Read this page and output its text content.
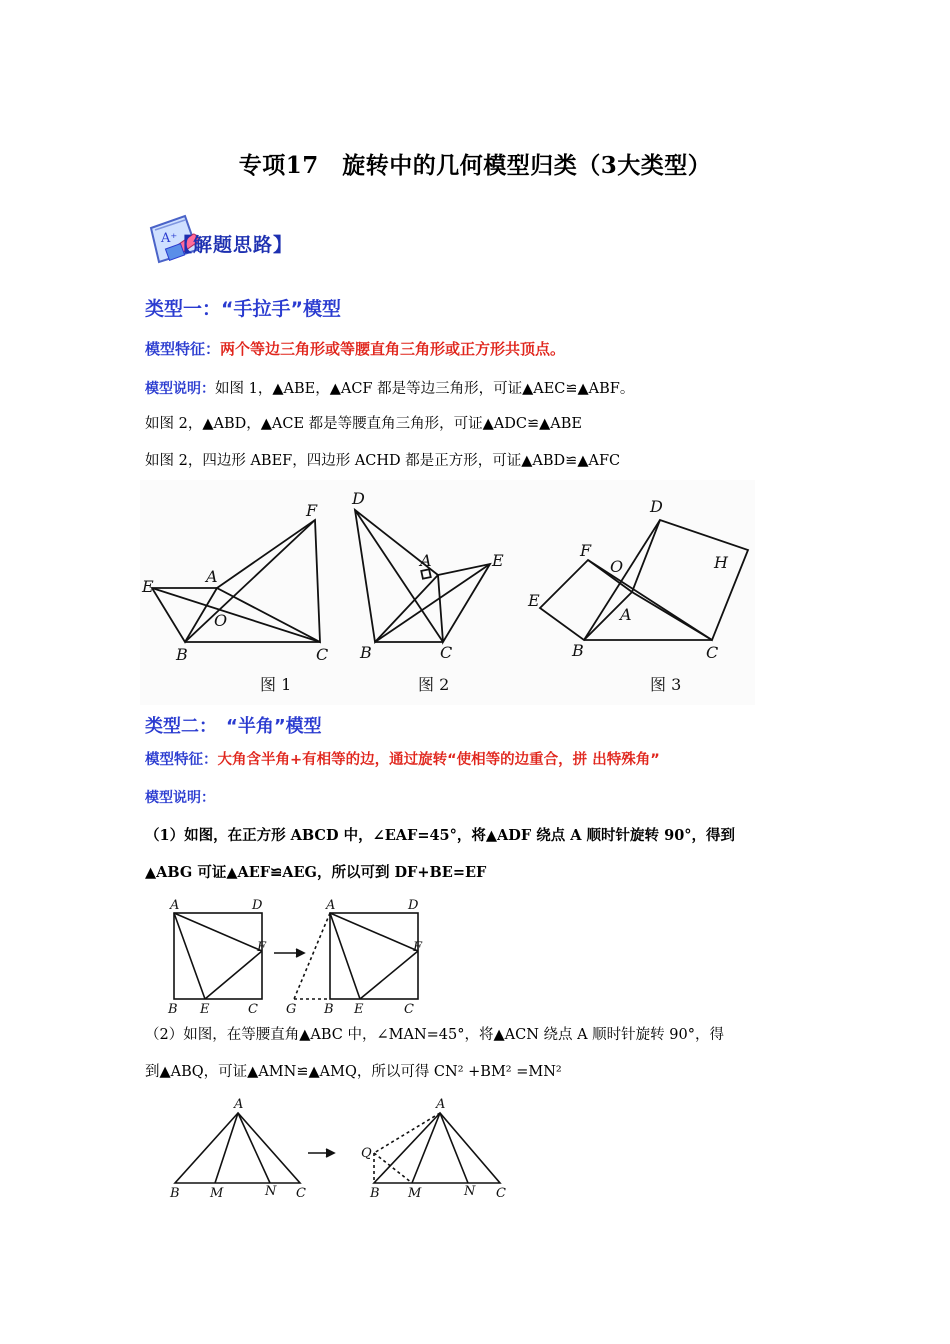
专项17　旋转中的几何模型归类（3大类型）
A⁺
【解题思路】
类型一：“手拉手”模型
模型特征：两个等边三角形或等腰直角三角形或正方形共顶点。
模型说明：如图 1，▲ABE，▲ACF 都是等边三角形，可证▲AEC≌▲ABF。
如图 2，▲ABD，▲ACE 都是等腰直角三角形，可证▲ADC≌▲ABE
如图 2，四边形 ABEF，四边形 ACHD 都是正方形，可证▲ABD≌▲AFC
A
B	C
E
F
O
A
B	C
D
E
A
B	C
D
E
F
H
O
图 1	图 2	图 3
类型二：　“半角”模型
模型特征：大角含半角+有相等的边，通过旋转“使相等的边重合，拼 出特殊角”
模型说明：
（1）如图，在正方形 ABCD 中，∠EAF=45°，将▲ADF 绕点 A 顺时针旋转 90°，得到
▲ABG 可证▲AEF≌AEG，所以可到 DF+BE=EF
A
B	C
D
E
F
A
B	C
D
E
F
G
（2）如图，在等腰直角▲ABC 中，∠MAN=45°，将▲ACN 绕点 A 顺时针旋转 90°，得
到▲ABQ，可证▲AMN≌▲AMQ，所以可得 CN² +BM² =MN²
A
B M	N C
A
Q
B M	N C
